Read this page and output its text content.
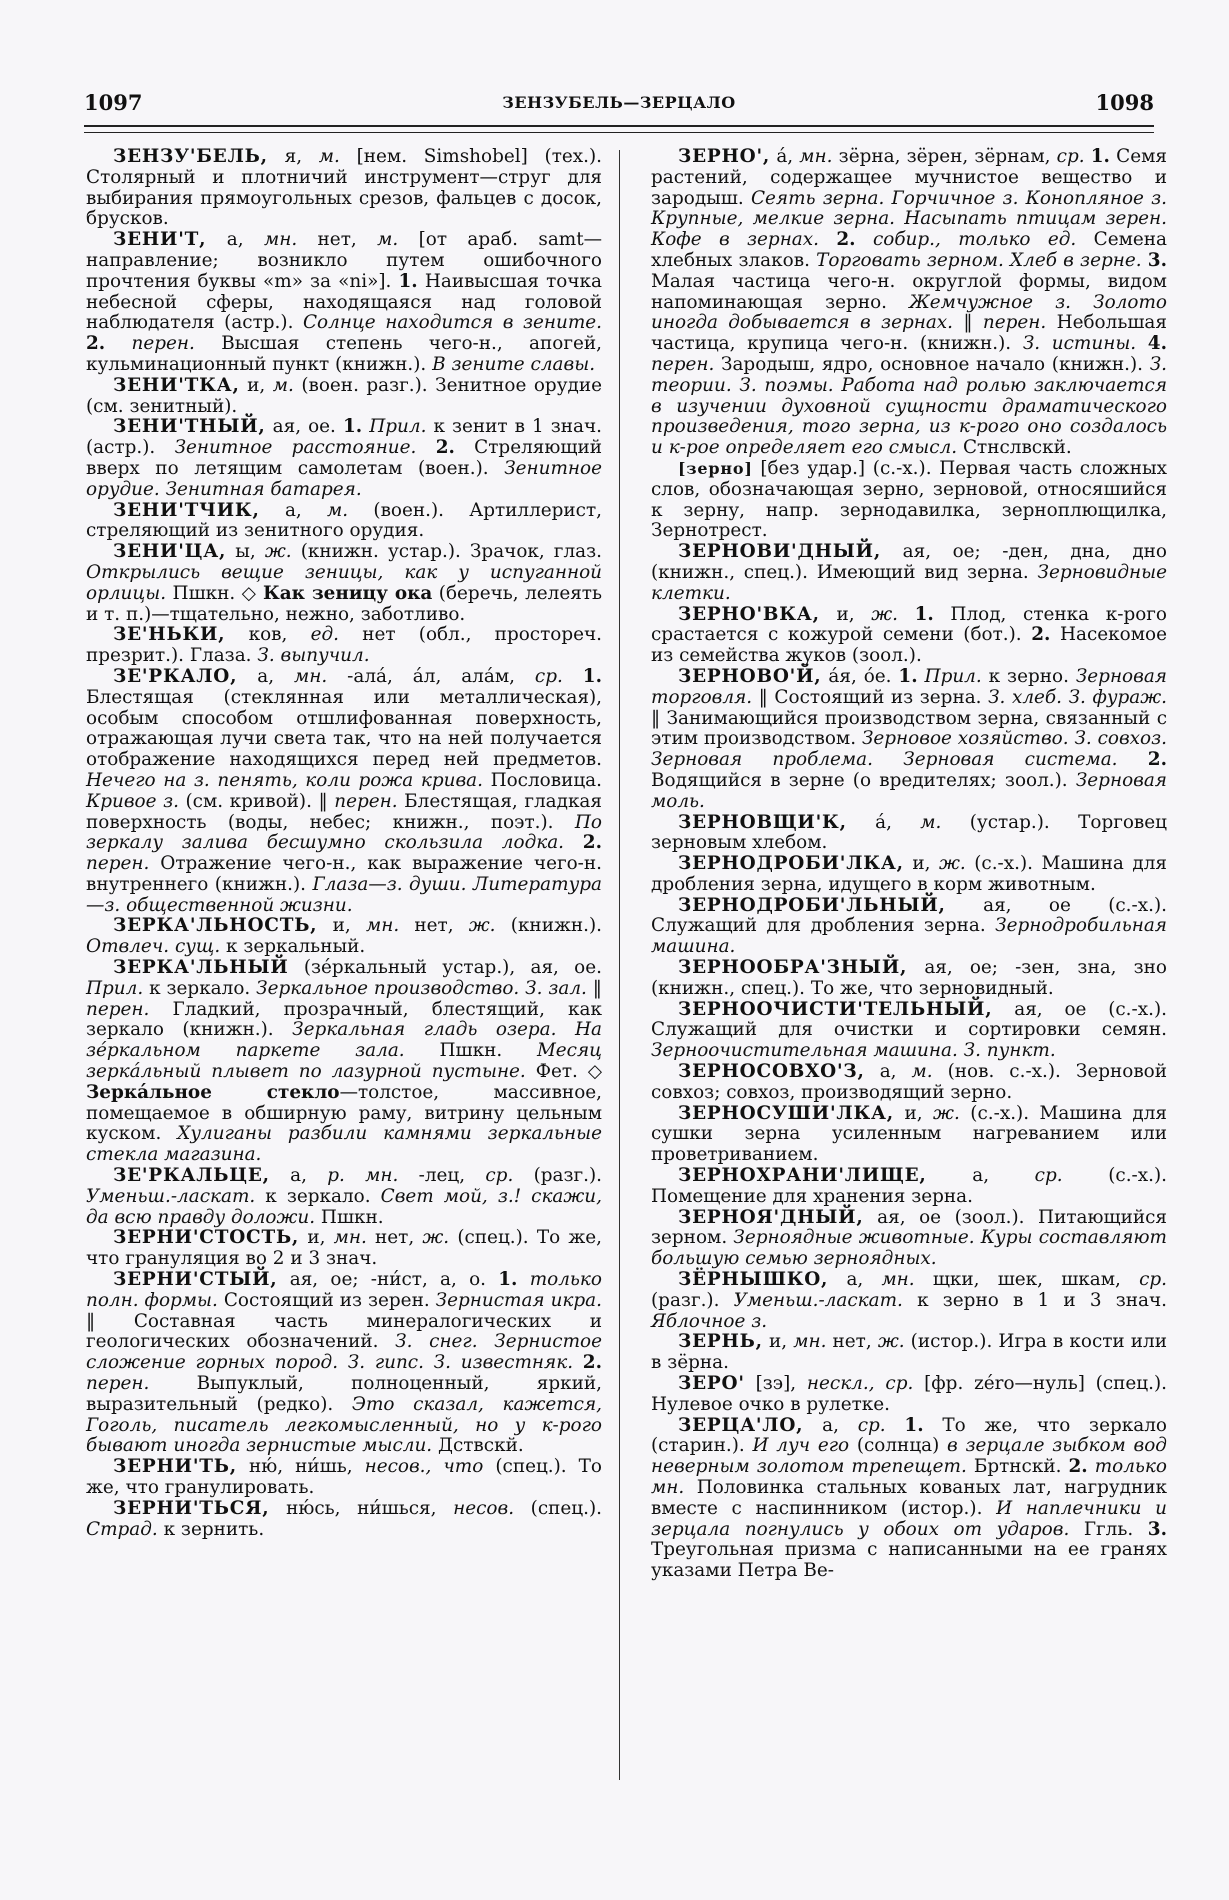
1097	ЗЕНЗУБЕЛЬ—ЗЕРЦАЛО	1098

ЗЕНЗУ'БЕЛЬ, я, м. [нем. Simshobel] (тех.). Столярный и плотничий инструмент—струг для выбирания прямоугольных срезов, фальцев с досок, брусков.

ЗЕНИ'Т, а, мн. нет, м. [от араб. samt—направление; возникло путем ошибочного прочтения буквы «m» за «ni»]. 1. Наивысшая точка небесной сферы, находящаяся над головой наблюдателя (астр.). Солнце находится в зените. 2. перен. Высшая степень чего-н., апогей, кульминационный пункт (книжн.). В зените славы.

ЗЕНИ'ТКА, и, м. (воен. разг.). Зенитное орудие (см. зенитный).

ЗЕНИ'ТНЫЙ, ая, ое. 1. Прил. к зенит в 1 знач. (астр.). Зенитное расстояние. 2. Стреляющий вверх по летящим самолетам (воен.). Зенитное орудие. Зенитная батарея.

ЗЕНИ'ТЧИК, а, м. (воен.). Артиллерист, стреляющий из зенитного орудия.

ЗЕНИ'ЦА, ы, ж. (книжн. устар.). Зрачок, глаз. Открылись вещие зеницы, как у испуганной орлицы. Пшкн. ◇ Как зеницу ока (беречь, лелеять и т. п.)—тщательно, нежно, заботливо.

ЗЕ'НЬКИ, ков, ед. нет (обл., простореч. презрит.). Глаза. З. выпучил.

ЗЕ'РКАЛО, а, мн. -ала́, а́л, ала́м, ср. 1. Блестящая (стеклянная или металлическая), особым способом отшлифованная поверхность, отражающая лучи света так, что на ней получается отображение находящихся перед ней предметов. Нечего на з. пенять, коли рожа крива. Пословица. Кривое з. (см. кривой). ‖ перен. Блестящая, гладкая поверхность (воды, небес; книжн., поэт.). По зеркалу залива бесшумно скользила лодка. 2. перен. Отражение чего-н., как выражение чего-н. внутреннего (книжн.). Глаза—з. души. Литература—з. общественной жизни.

ЗЕРКА'ЛЬНОСТЬ, и, мн. нет, ж. (книжн.). Отвлеч. сущ. к зеркальный.

ЗЕРКА'ЛЬНЫЙ (зе́ркальный устар.), ая, ое. Прил. к зеркало. Зеркальное производство. З. зал. ‖ перен. Гладкий, прозрачный, блестящий, как зеркало (книжн.). Зеркальная гладь озера. На зе́ркальном паркете зала. Пшкн. Месяц зерка́льный плывет по лазурной пустыне. Фет. ◇ Зерка́льное стекло—толстое, массивное, помещаемое в обширную раму, витрину цельным куском. Хулиганы разбили камнями зеркальные стекла магазина.

ЗЕ'РКАЛЬЦЕ, а, р. мн. -лец, ср. (разг.). Уменьш.-ласкат. к зеркало. Свет мой, з.! скажи, да всю правду доложи. Пшкн.

ЗЕРНИ'СТОСТЬ, и, мн. нет, ж. (спец.). То же, что грануляция во 2 и 3 знач.

ЗЕРНИ'СТЫЙ, ая, ое; -ни́ст, а, о. 1. только полн. формы. Состоящий из зерен. Зернистая икра. ‖ Составная часть минералогических и геологических обозначений. З. снег. Зернистое сложение горных пород. З. гипс. З. известняк. 2. перен. Выпуклый, полноценный, яркий, выразительный (редко). Это сказал, кажется, Гоголь, писатель легкомысленный, но у к-рого бывают иногда зернистые мысли. Дствскй.

ЗЕРНИ'ТЬ, ню́, ни́шь, несов., что (спец.). То же, что гранулировать.

ЗЕРНИ'ТЬСЯ, ню́сь, ни́шься, несов. (спец.). Страд. к зернить.

ЗЕРНО', а́, мн. зёрна, зёрен, зёрнам, ср. 1. Семя растений, содержащее мучнистое вещество и зародыш. Сеять зерна. Горчичное з. Конопляное з. Крупные, мелкие зерна. Насыпать птицам зерен. Кофе в зернах. 2. собир., только ед. Семена хлебных злаков. Торговать зерном. Хлеб в зерне. 3. Малая частица чего-н. округлой формы, видом напоминающая зерно. Жемчужное з. Золото иногда добывается в зернах. ‖ перен. Небольшая частица, крупица чего-н. (книжн.). З. истины. 4. перен. Зародыш, ядро, основное начало (книжн.). З. теории. З. поэмы. Работа над ролью заключается в изучении духовной сущности драматического произведения, того зерна, из к-рого оно создалось и к-рое определяет его смысл. Стнслвскй.

[зерно] [без удар.] (с.-х.). Первая часть сложных слов, обозначающая зерно, зерновой, относяшийся к зерну, напр. зернодавилка, зерноплющилка, Зернотрест.

ЗЕРНОВИ'ДНЫЙ, ая, ое; -ден, дна, дно (книжн., спец.). Имеющий вид зерна. Зерновидные клетки.

ЗЕРНО'ВКА, и, ж. 1. Плод, стенка к-рого срастается с кожурой семени (бот.). 2. Насекомое из семейства жуков (зоол.).

ЗЕРНОВО'Й, а́я, о́е. 1. Прил. к зерно. Зерновая торговля. ‖ Состоящий из зерна. З. хлеб. З. фураж. ‖ Занимающийся производством зерна, связанный с этим производством. Зерновое хозяйство. З. совхоз. Зерновая проблема. Зерновая система. 2. Водящийся в зерне (о вредителях; зоол.). Зерновая моль.

ЗЕРНОВЩИ'К, а́, м. (устар.). Торговец зерновым хлебом.

ЗЕРНОДРОБИ'ЛКА, и, ж. (с.-х.). Машина для дробления зерна, идущего в корм животным.

ЗЕРНОДРОБИ'ЛЬНЫЙ, ая, ое (с.-х.). Служащий для дробления зерна. Зернодробильная машина.

ЗЕРНООБРА'ЗНЫЙ, ая, ое; -зен, зна, зно (книжн., спец.). То же, что зерновидный.

ЗЕРНООЧИСТИ'ТЕЛЬНЫЙ, ая, ое (с.-х.). Служащий для очистки и сортировки семян. Зерноочистительная машина. З. пункт.

ЗЕРНОСОВХО'З, а, м. (нов. с.-х.). Зерновой совхоз; совхоз, производящий зерно.

ЗЕРНОСУШИ'ЛКА, и, ж. (с.-х.). Машина для сушки зерна усиленным нагреванием или проветриванием.

ЗЕРНОХРАНИ'ЛИЩЕ, а, ср. (с.-х.). Помещение для хранения зерна.

ЗЕРНОЯ'ДНЫЙ, ая, ое (зоол.). Питающийся зерном. Зерноядные животные. Куры составляют большую семью зерноядных.

ЗЁРНЫШКО, а, мн. щки, шек, шкам, ср. (разг.). Уменьш.-ласкат. к зерно в 1 и 3 знач. Яблочное з.

ЗЕРНЬ, и, мн. нет, ж. (истор.). Игра в кости или в зёрна.

ЗЕРО' [зэ], нескл., ср. [фр. zéro—нуль] (спец.). Нулевое очко в рулетке.

ЗЕРЦА'ЛО, а, ср. 1. То же, что зеркало (старин.). И луч его (солнца) в зерцале зыбком вод неверным золотом трепещет. Бртнскй. 2. только мн. Половинка стальных кованых лат, нагрудник вместе с наспинником (истор.). И наплечники и зерцала погнулись у обоих от ударов. Ггль. 3. Треугольная призма с написанными на ее гранях указами Петра Ве-
